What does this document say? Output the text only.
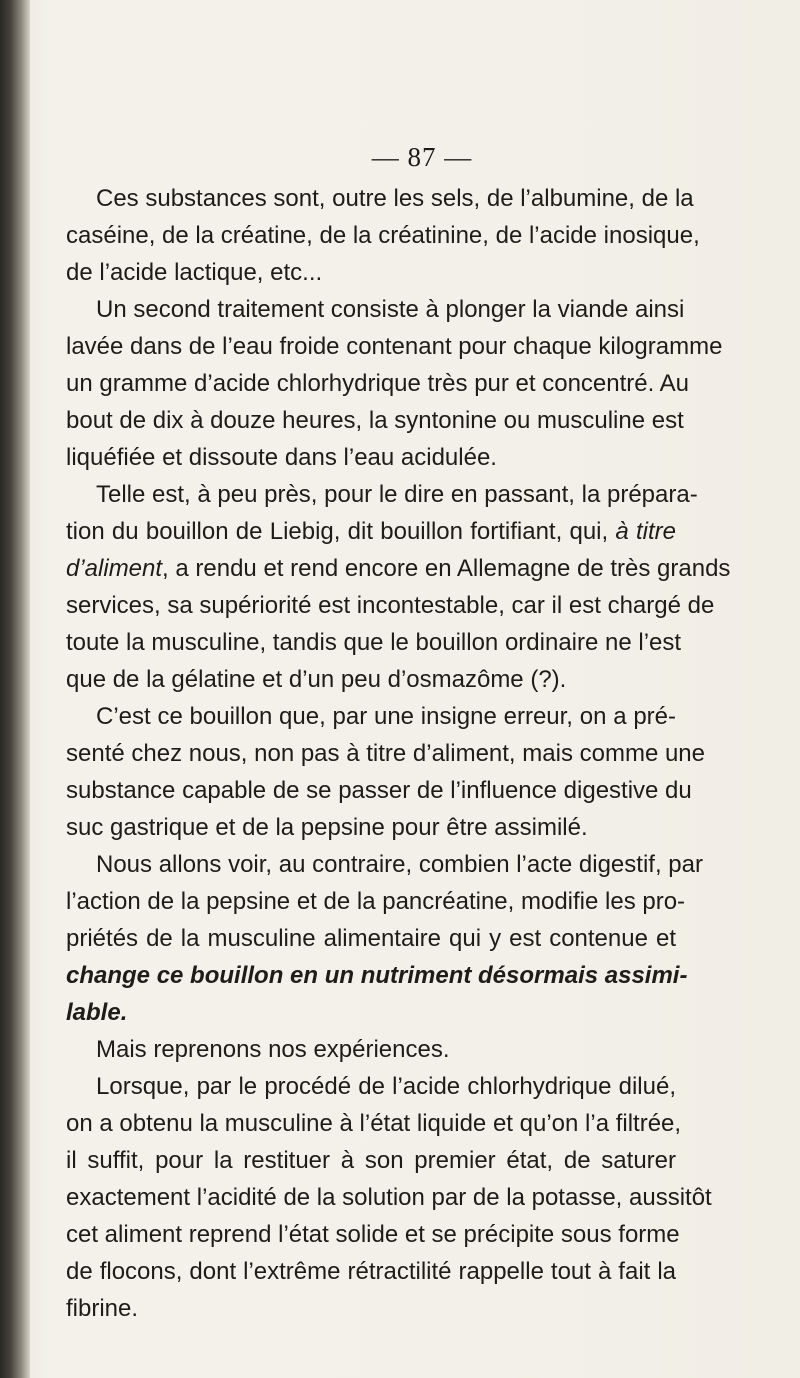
— 87 —
Ces substances sont, outre les sels, de l’albumine, de la
caséine, de la créatine, de la créatinine, de l’acide inosique,
de l’acide lactique, etc...
Un second traitement consiste à plonger la viande ainsi
lavée dans de l’eau froide contenant pour chaque kilogramme
un gramme d’acide chlorhydrique très pur et concentré. Au
bout de dix à douze heures, la syntonine ou musculine est
liquéfiée et dissoute dans l’eau acidulée.
Telle est, à peu près, pour le dire en passant, la prépara-
tion du bouillon de Liebig, dit bouillon fortifiant, qui, à titre
d’aliment, a rendu et rend encore en Allemagne de très grands
services, sa supériorité est incontestable, car il est chargé de
toute la musculine, tandis que le bouillon ordinaire ne l’est
que de la gélatine et d’un peu d’osmazôme (?).
C’est ce bouillon que, par une insigne erreur, on a pré-
senté chez nous, non pas à titre d’aliment, mais comme une
substance capable de se passer de l’influence digestive du
suc gastrique et de la pepsine pour être assimilé.
Nous allons voir, au contraire, combien l’acte digestif, par
l’action de la pepsine et de la pancréatine, modifie les pro-
priétés de la musculine alimentaire qui y est contenue et
change ce bouillon en un nutriment désormais assimi-
lable.
Mais reprenons nos expériences.
Lorsque, par le procédé de l’acide chlorhydrique dilué,
on a obtenu la musculine à l’état liquide et qu’on l’a filtrée,
il suffit, pour la restituer à son premier état, de saturer
exactement l’acidité de la solution par de la potasse, aussitôt
cet aliment reprend l’état solide et se précipite sous forme
de flocons, dont l’extrême rétractilité rappelle tout à fait la
fibrine.
